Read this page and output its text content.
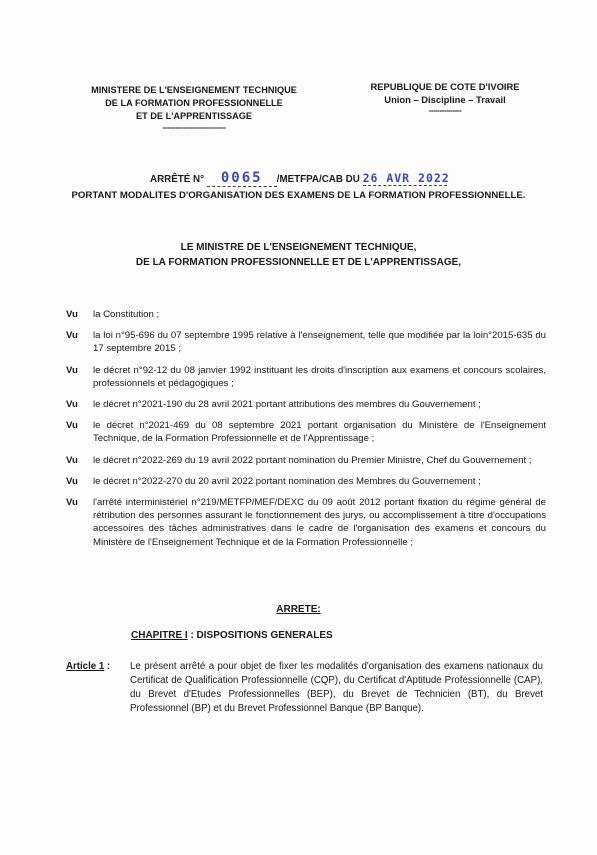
MINISTERE DE L'ENSEIGNEMENT TECHNIQUE
DE LA FORMATION PROFESSIONNELLE
ET DE L'APPRENTISSAGE
-----------------------------
REPUBLIQUE DE COTE D'IVOIRE
Union – Discipline – Travail
---------------
ARRÊTÉ N° 0065 /METFPA/CAB DU 26 AVR 2022
PORTANT MODALITES D'ORGANISATION DES EXAMENS DE LA FORMATION PROFESSIONNELLE.
LE MINISTRE DE L'ENSEIGNEMENT TECHNIQUE,
DE LA FORMATION PROFESSIONNELLE ET DE L'APPRENTISSAGE,
Vu	la Constitution ;
Vu	la loi n°95-696 du 07 septembre 1995 relative à l'enseignement, telle que modifiée par la loin°2015-635 du 17 septembre 2015 ;
Vu	le décret n°92-12 du 08 janvier 1992 instituant les droits d'inscription aux examens et concours scolaires, professionnels et pédagogiques ;
Vu	le décret n°2021-190 du 28 avril 2021 portant attributions des membres du Gouvernement ;
Vu	le décret n°2021-469 du 08 septembre 2021 portant organisation du Ministère de l'Enseignement Technique, de la Formation Professionnelle et de l'Apprentissage ;
Vu	le décret n°2022-269 du 19 avril 2022 portant nomination du Premier Ministre, Chef du Gouvernement ;
Vu	le décret n°2022-270 du 20 avril 2022 portant nomination des Membres du Gouvernement ;
Vu	l'arrêté interministériel n°219/METFP/MEF/DEXC du 09 août 2012 portant fixation du régime général de rétribution des personnes assurant le fonctionnement des jurys, ou accomplissement à titre d'occupations accessoires des tâches administratives dans le cadre de l'organisation des examens et concours du Ministère de l'Enseignement Technique et de la Formation Professionnelle ;
ARRETE:
CHAPITRE I : DISPOSITIONS GENERALES
Article 1 :	Le présent arrêté a pour objet de fixer les modalités d'organisation des examens nationaux du Certificat de Qualification Professionnelle (CQP), du Certificat d'Aptitude Professionnelle (CAP), du Brevet d'Etudes Professionnelles (BEP), du Brevet de Technicien (BT), du Brevet Professionnel (BP) et du Brevet Professionnel Banque (BP Banque).
